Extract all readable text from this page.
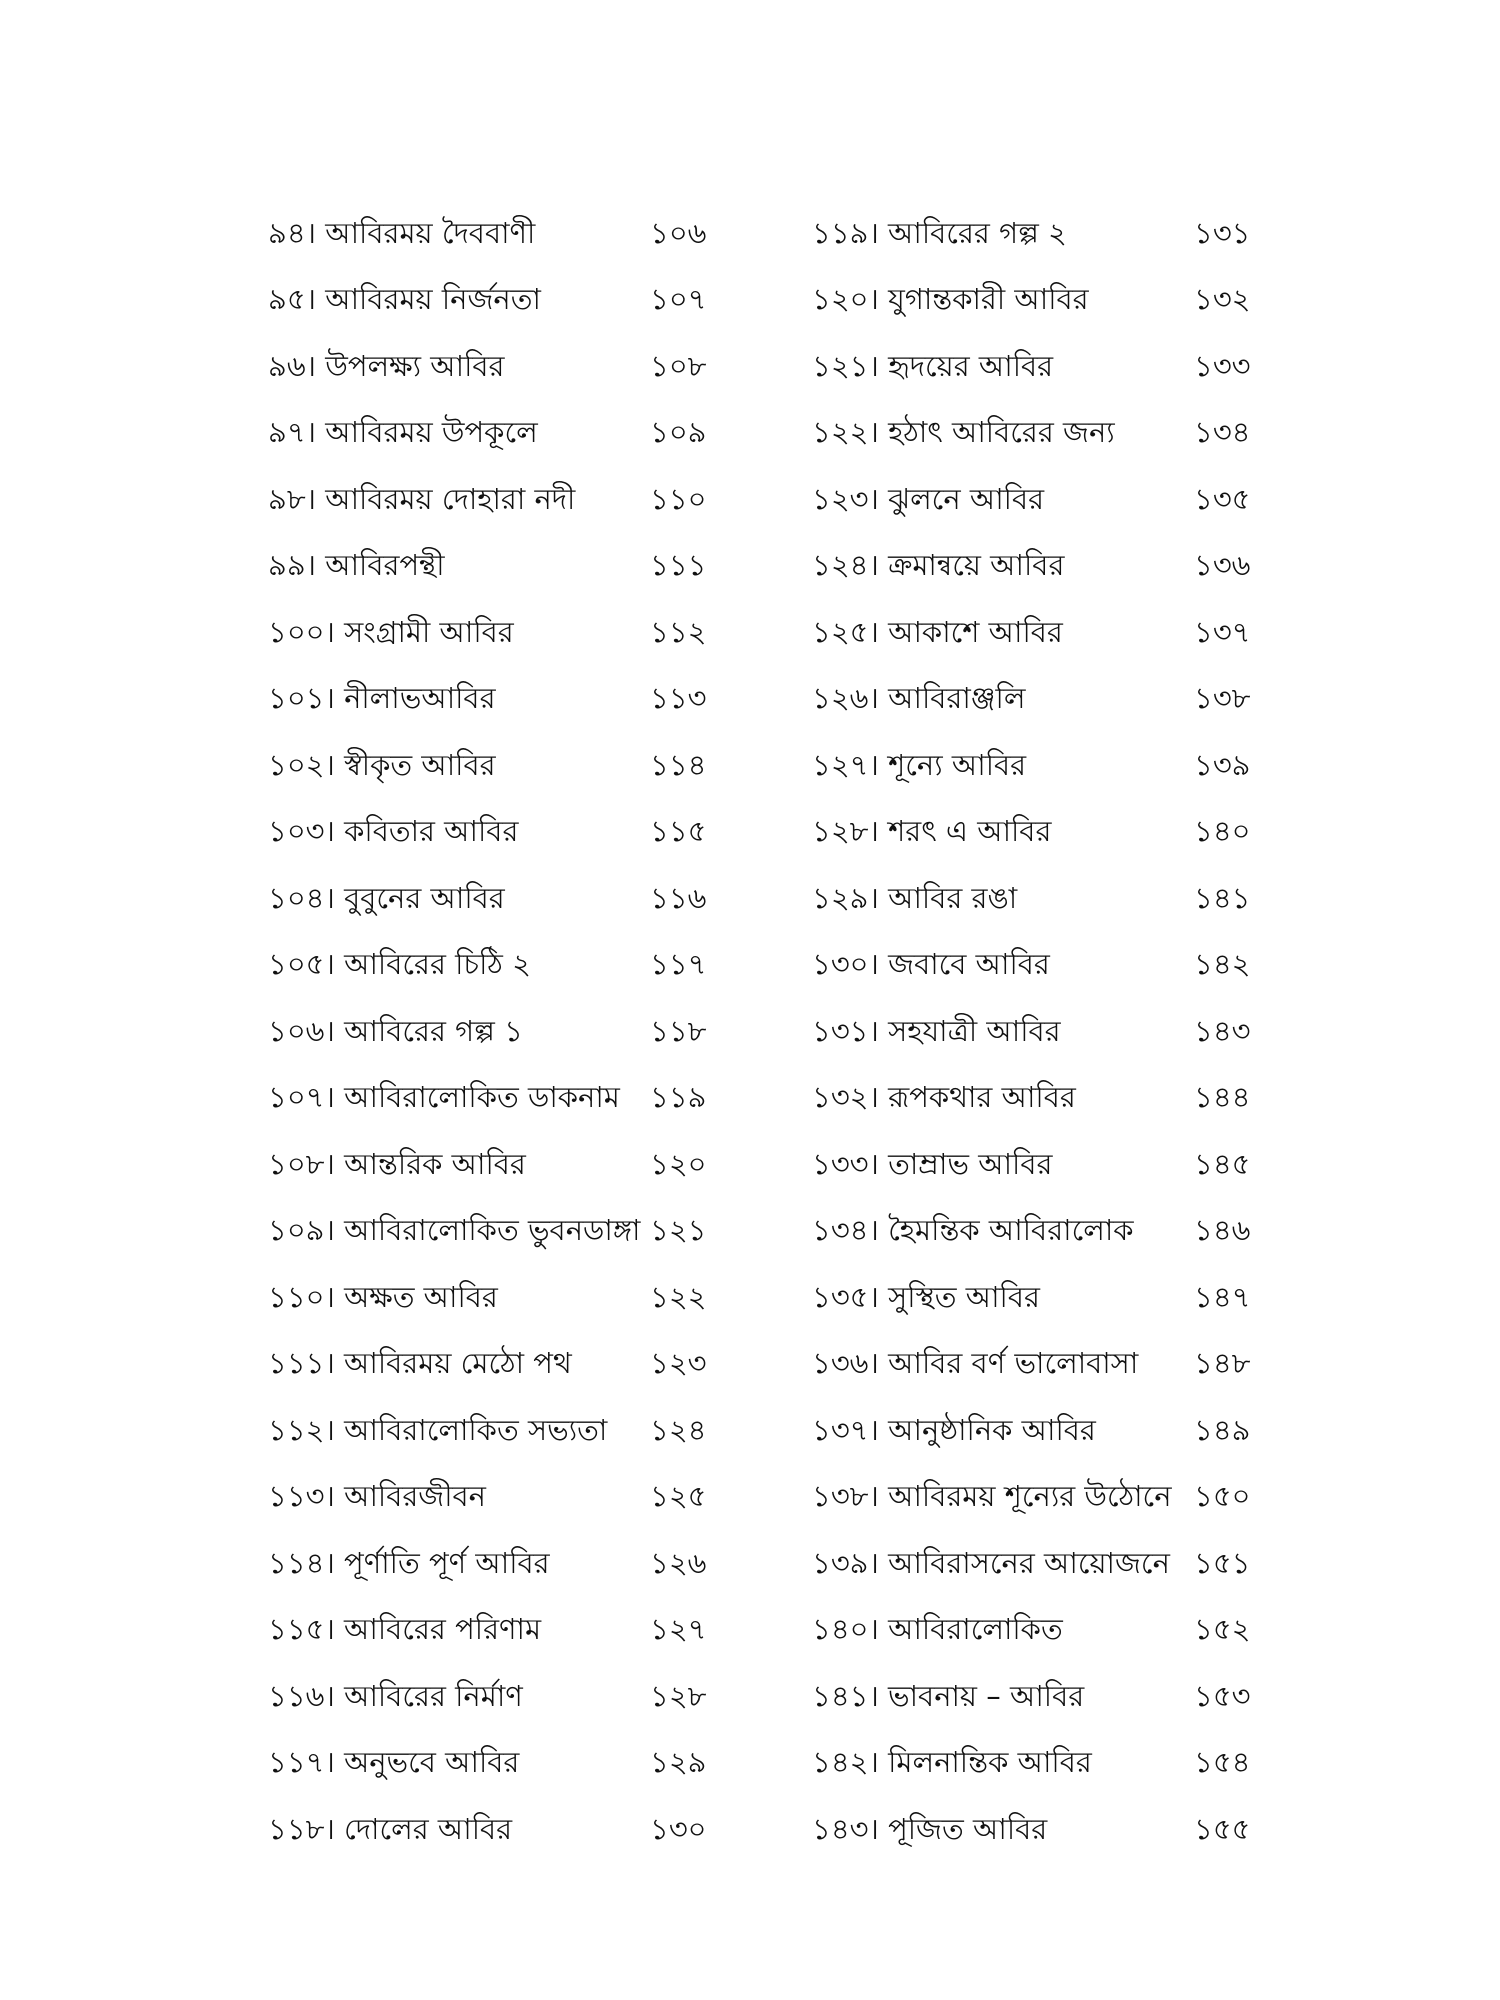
৯৪। আবিরময় দৈববাণী	১০৬
৯৫। আবিরময় নির্জনতা	১০৭
৯৬। উপলক্ষ্য আবির	১০৮
৯৭। আবিরময় উপকূলে	১০৯
৯৮। আবিরময় দোহারা নদী	১১০
৯৯। আবিরপন্থী	১১১
১০০। সংগ্রামী আবির	১১২
১০১। নীলাভআবির	১১৩
১০২। স্বীকৃত আবির	১১৪
১০৩। কবিতার আবির	১১৫
১০৪। বুবুনের আবির	১১৬
১০৫। আবিরের চিঠি ২	১১৭
১০৬। আবিরের গল্প ১	১১৮
১০৭। আবিরালোকিত ডাকনাম ১১৯
১০৮। আন্তরিক আবির	১২০
১০৯। আবিরালোকিত ভুবনডাঙ্গা ১২১
১১০। অক্ষত আবির	১২২
১১১। আবিরময় মেঠো পথ	১২৩
১১২। আবিরালোকিত সভ্যতা ১২৪
১১৩। আবিরজীবন	১২৫
১১৪। পূর্ণাতি পূর্ণ আবির	১২৬
১১৫। আবিরের পরিণাম	১২৭
১১৬। আবিরের নির্মাণ	১২৮
১১৭। অনুভবে আবির	১২৯
১১৮। দোলের আবির	১৩০
১১৯। আবিরের গল্প ২	১৩১
১২০। যুগান্তকারী আবির	১৩২
১২১। হৃদয়ের আবির	১৩৩
১২২। হঠাৎ আবিরের জন্য	১৩৪
১২৩। ঝুলনে আবির	১৩৫
১২৪। ক্রমান্বয়ে আবির	১৩৬
১২৫। আকাশে আবির	১৩৭
১২৬। আবিরাঞ্জলি	১৩৮
১২৭। শূন্যে আবির	১৩৯
১২৮। শরৎ এ আবির	১৪০
১২৯। আবির রঙা	১৪১
১৩০। জবাবে আবির	১৪২
১৩১। সহযাত্রী আবির	১৪৩
১৩২। রূপকথার আবির	১৪৪
১৩৩। তাম্রাভ আবির	১৪৫
১৩৪। হৈমন্তিক আবিরালোক ১৪৬
১৩৫। সুস্থিত আবির	১৪৭
১৩৬। আবির বর্ণ ভালোবাসা ১৪৮
১৩৭। আনুষ্ঠানিক আবির	১৪৯
১৩৮। আবিরময় শূন্যের উঠোনে ১৫০
১৩৯। আবিরাসনের আয়োজনে ১৫১
১৪০। আবিরালোকিত	১৫২
১৪১। ভাবনায় – আবির	১৫৩
১৪২। মিলনান্তিক আবির	১৫৪
১৪৩। পূজিত আবির	১৫৫
